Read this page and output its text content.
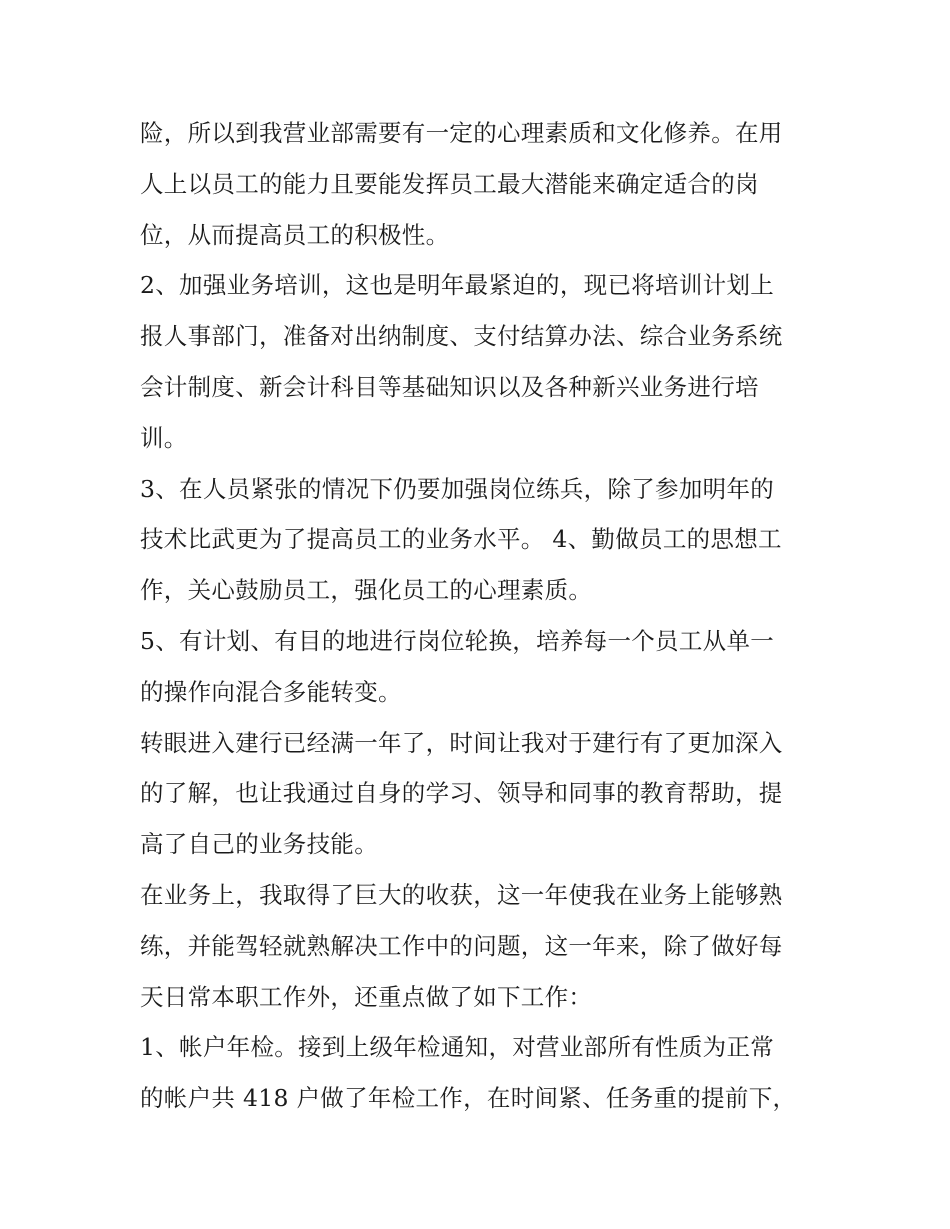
险，所以到我营业部需要有一定的心理素质和文化修养。在用
人上以员工的能力且要能发挥员工最大潜能来确定适合的岗
位，从而提高员工的积极性。
2、加强业务培训，这也是明年最紧迫的，现已将培训计划上
报人事部门，准备对出纳制度、支付结算办法、综合业务系统
会计制度、新会计科目等基础知识以及各种新兴业务进行培
训。
3、在人员紧张的情况下仍要加强岗位练兵，除了参加明年的
技术比武更为了提高员工的业务水平。 4、勤做员工的思想工
作，关心鼓励员工，强化员工的心理素质。
5、有计划、有目的地进行岗位轮换，培养每一个员工从单一
的操作向混合多能转变。
转眼进入建行已经满一年了，时间让我对于建行有了更加深入
的了解，也让我通过自身的学习、领导和同事的教育帮助，提
高了自己的业务技能。
在业务上，我取得了巨大的收获，这一年使我在业务上能够熟
练，并能驾轻就熟解决工作中的问题，这一年来，除了做好每
天日常本职工作外，还重点做了如下工作：
1、帐户年检。接到上级年检通知，对营业部所有性质为正常
的帐户共 418 户做了年检工作，在时间紧、任务重的提前下，
